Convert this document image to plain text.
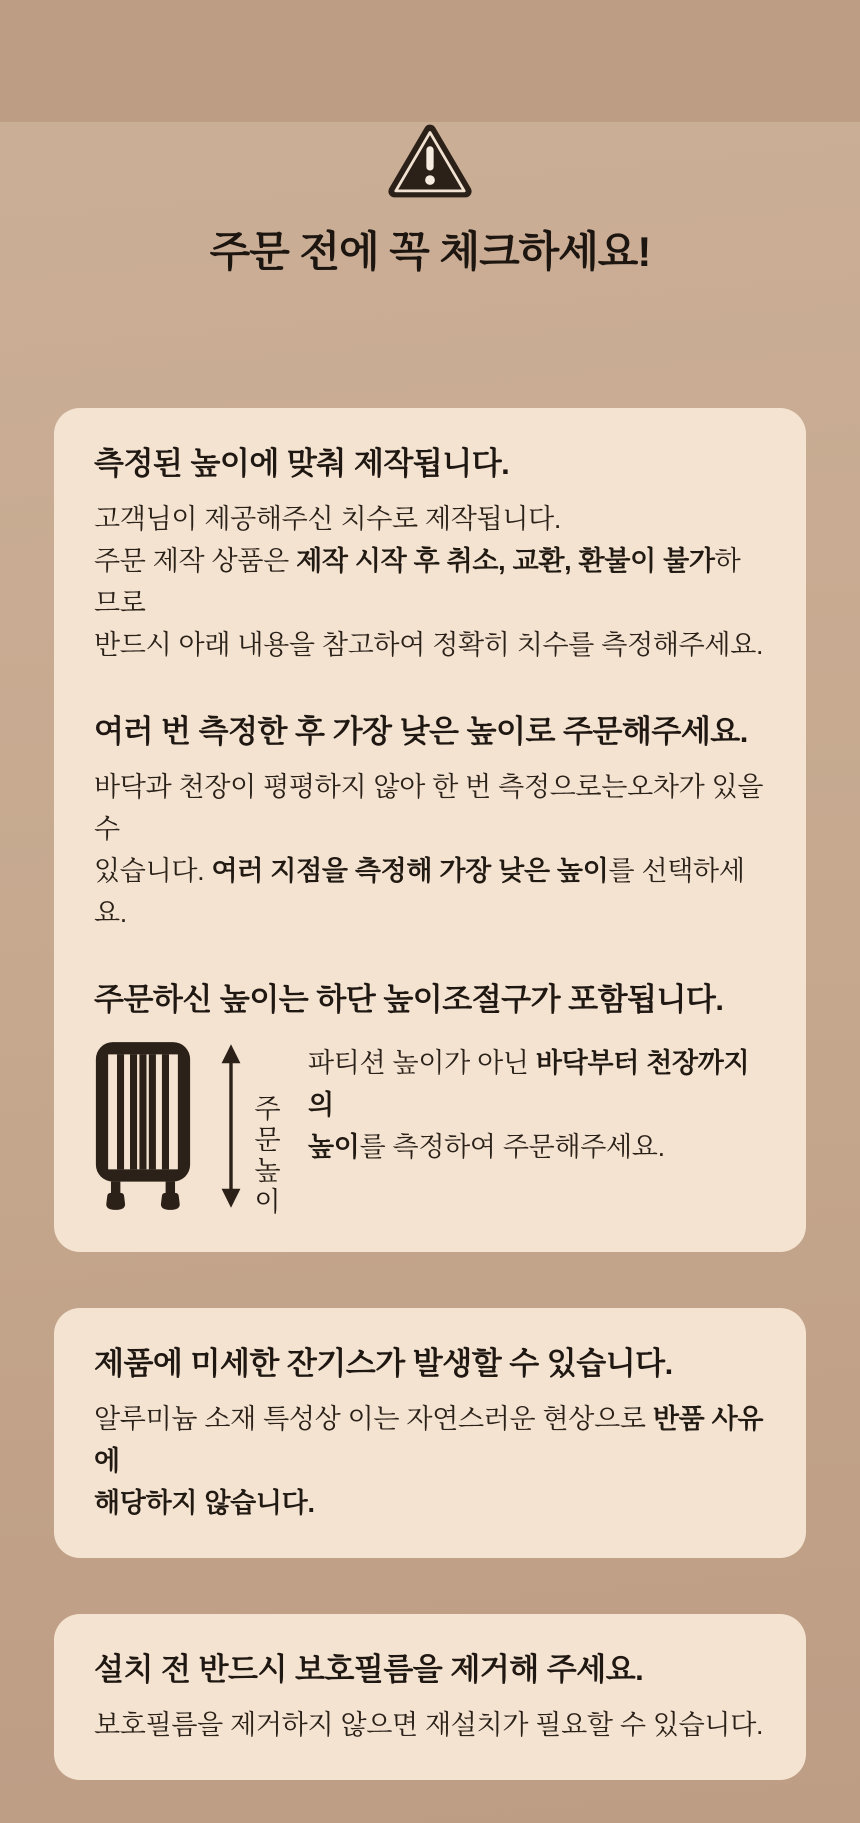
주문 전에 꼭 체크하세요!
측정된 높이에 맞춰 제작됩니다.
고객님이 제공해주신 치수로 제작됩니다.
주문 제작 상품은 제작 시작 후 취소, 교환, 환불이 불가하므로
반드시 아래 내용을 참고하여 정확히 치수를 측정해주세요.
여러 번 측정한 후 가장 낮은 높이로 주문해주세요.
바닥과 천장이 평평하지 않아 한 번 측정으로는오차가 있을 수
있습니다. 여러 지점을 측정해 가장 낮은 높이를 선택하세요.
주문하신 높이는 하단 높이조절구가 포함됩니다.
주문높이
파티션 높이가 아닌 바닥부터 천장까지의
높이를 측정하여 주문해주세요.
제품에 미세한 잔기스가 발생할 수 있습니다.
알루미늄 소재 특성상 이는 자연스러운 현상으로 반품 사유에
해당하지 않습니다.
설치 전 반드시 보호필름을 제거해 주세요.
보호필름을 제거하지 않으면 재설치가 필요할 수 있습니다.
